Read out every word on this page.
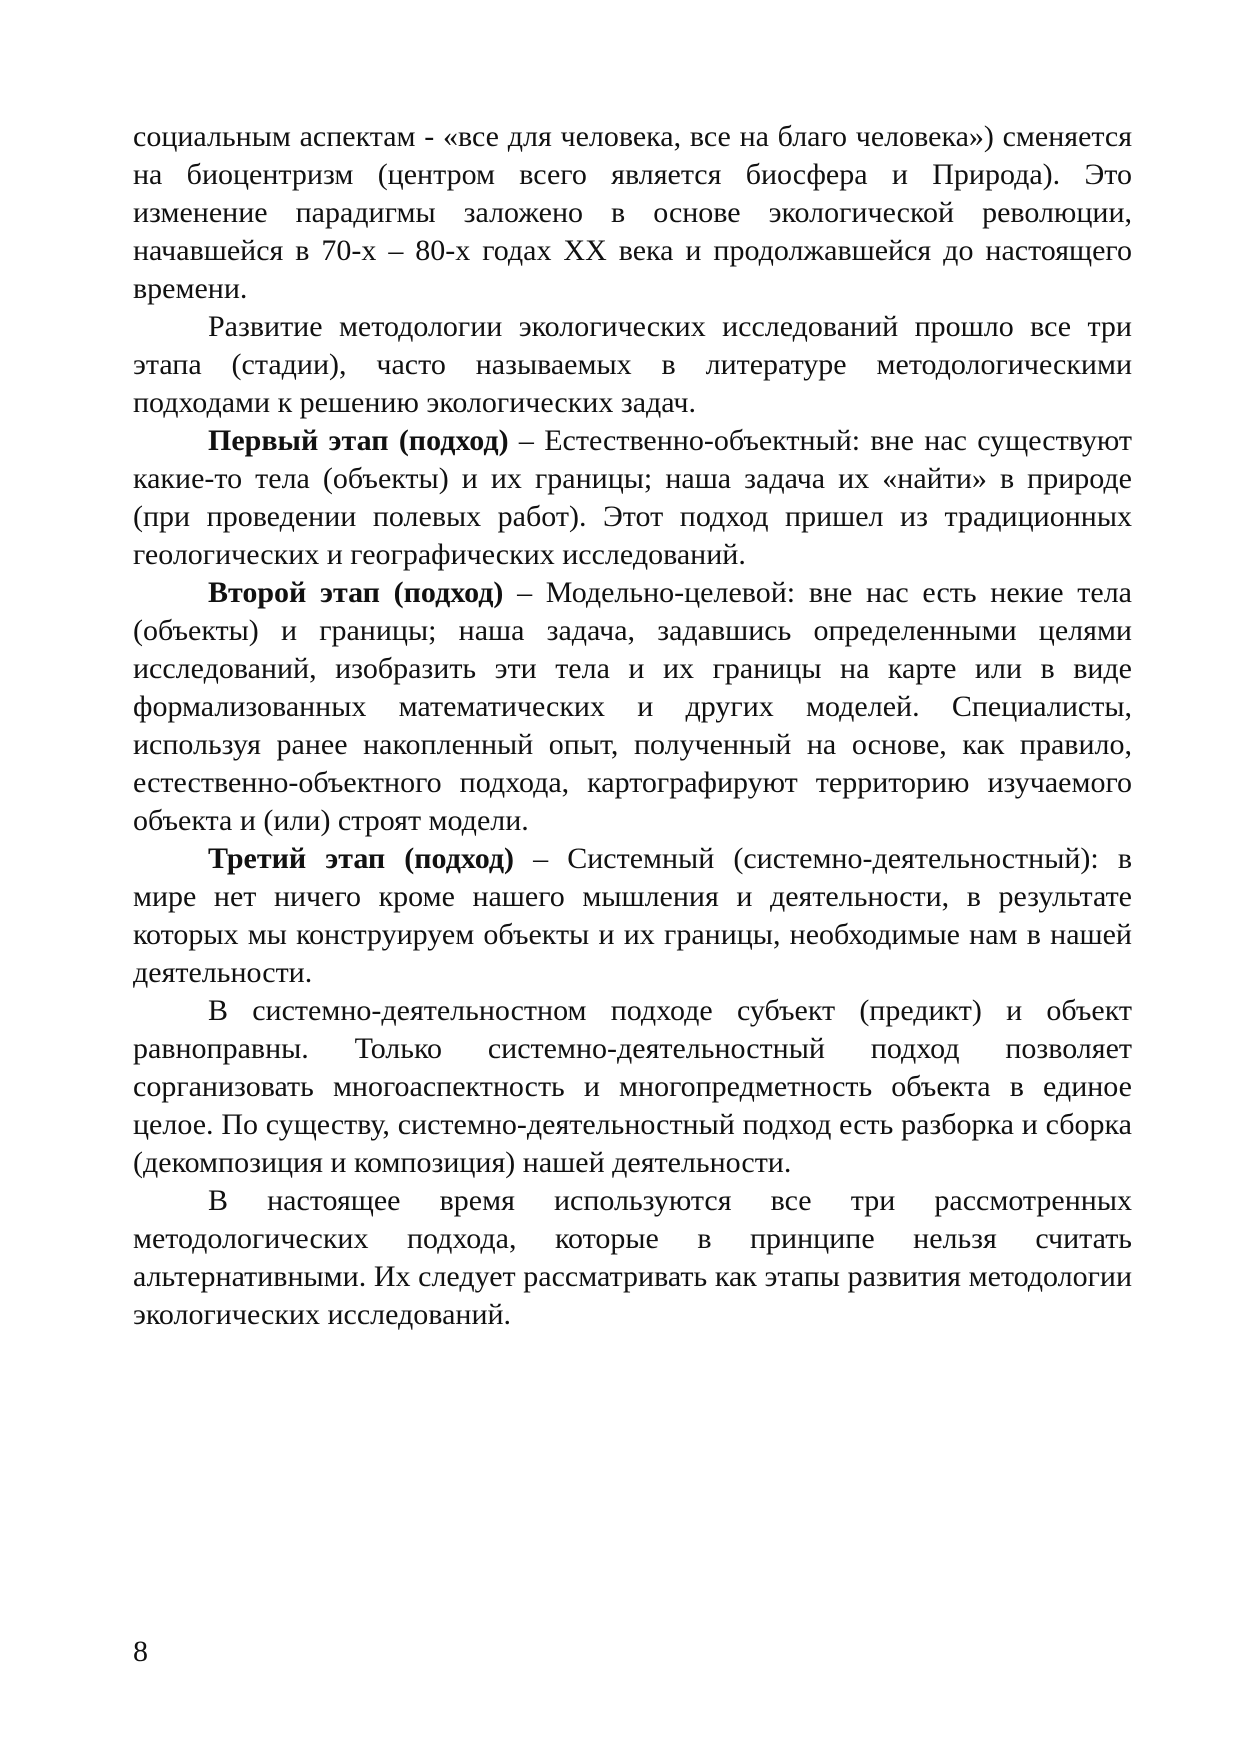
социальным аспектам - «все для человека, все на благо человека») сменяется на биоцентризм (центром всего является биосфера и Природа). Это изменение парадигмы заложено в основе экологической революции, начавшейся в 70-х – 80-х годах XX века и продолжавшейся до настоящего времени.

Развитие методологии экологических исследований прошло все три этапа (стадии), часто называемых в литературе методологическими подходами к решению экологических задач.

Первый этап (подход) – Естественно-объектный: вне нас существуют какие-то тела (объекты) и их границы; наша задача их «найти» в природе (при проведении полевых работ). Этот подход пришел из традиционных геологических и географических исследований.

Второй этап (подход) – Модельно-целевой: вне нас есть некие тела (объекты) и границы; наша задача, задавшись определенными целями исследований, изобразить эти тела и их границы на карте или в виде формализованных математических и других моделей. Специалисты, используя ранее накопленный опыт, полученный на основе, как правило, естественно-объектного подхода, картографируют территорию изучаемого объекта и (или) строят модели.

Третий этап (подход) – Системный (системно-деятельностный): в мире нет ничего кроме нашего мышления и деятельности, в результате которых мы конструируем объекты и их границы, необходимые нам в нашей деятельности.

В системно-деятельностном подходе субъект (предикт) и объект равноправны. Только системно-деятельностный подход позволяет сорганизовать многоаспектность и многопредметность объекта в единое целое. По существу, системно-деятельностный подход есть разборка и сборка (декомпозиция и композиция) нашей деятельности.

В настоящее время используются все три рассмотренных методологических подхода, которые в принципе нельзя считать альтернативными. Их следует рассматривать как этапы развития методологии экологических исследований.

8
